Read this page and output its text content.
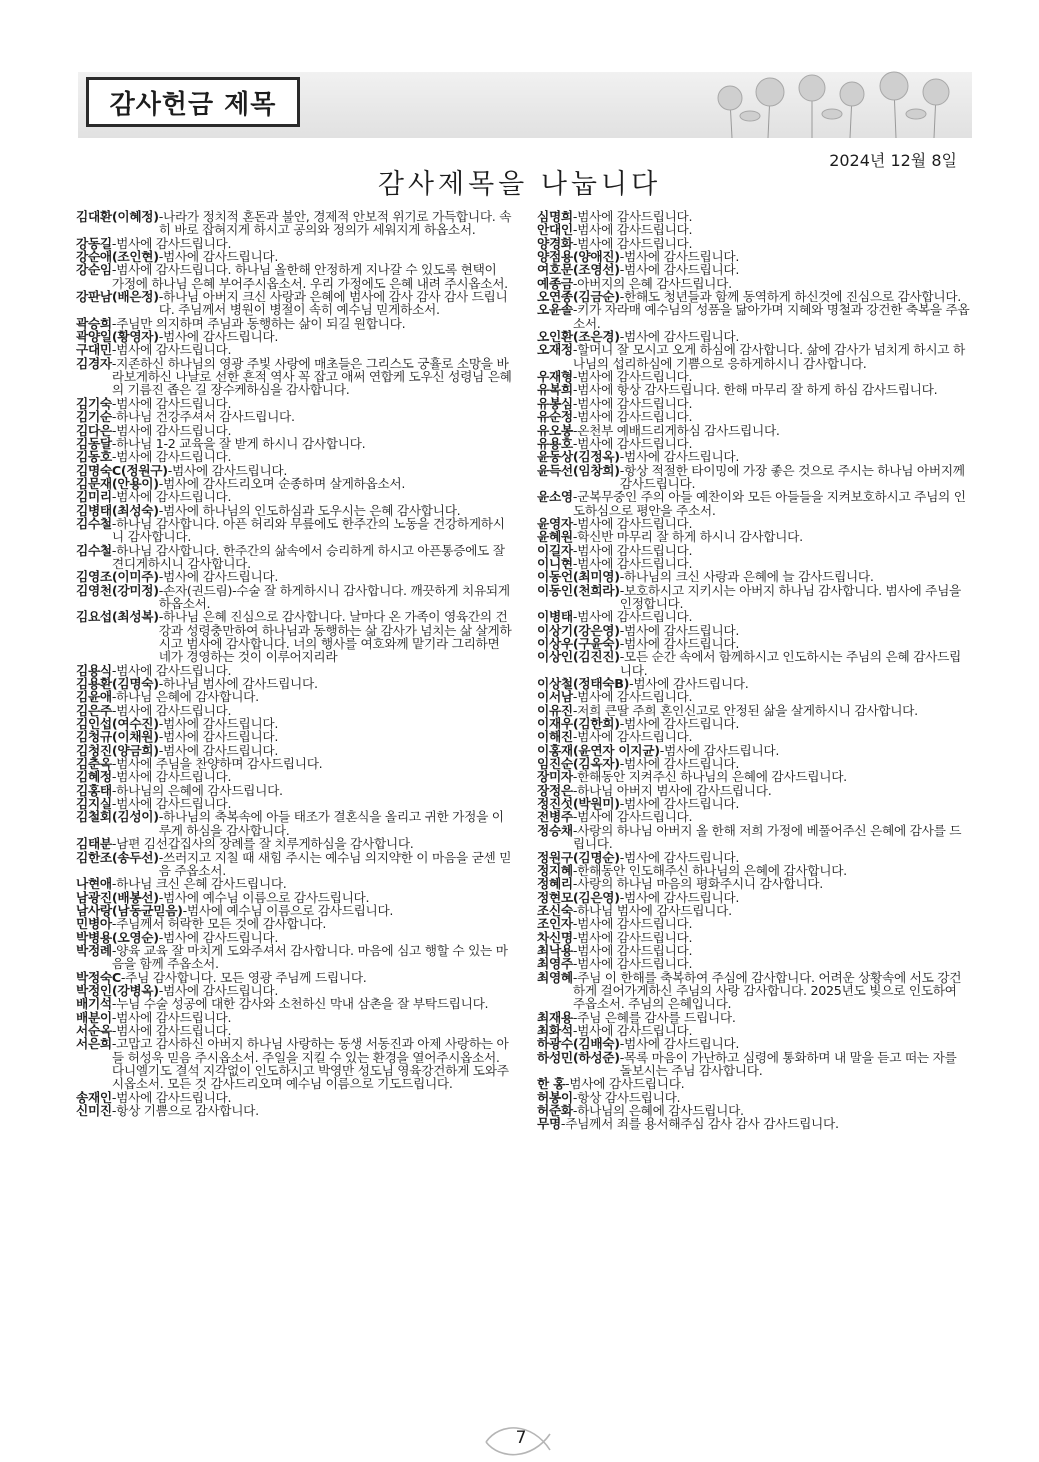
감사헌금 제목
2024년 12월 8일
감사제목을 나눕니다
김대환(이혜정) -나라가 정치적 혼돈과 불안, 경제적 안보적 위기로 가득합니다. 속히 바로 잡혀지게 하시고 공의와 정의가 세워지게 하옵소서.
강동길 -범사에 감사드립니다.
강순애(조인현) -범사에 감사드립니다.
강순임 -범사에 감사드립니다. 하나님 올한해 안정하게 지나갈 수 있도록 현택이 가정에 하나님 은혜 부어주시옵소서. 우리 가정에도 은혜 내려 주시옵소서.
강판남(배은정) -하나님 아버지 크신 사랑과 은혜에 범사에 감사 감사 감사 드립니다. 주님께서 병원이 병절이 속히 예수님 믿게하소서.
곽승희 -주님만 의지하며 주님과 동행하는 삶이 되길 원합니다.
곽양일(황영자) -범사에 감사드립니다.
구대민 -범사에 감사드립니다.
김경자 -지존하신 하나님의 영광 주빛 사랑에 매초들은 그리스도 궁휼로 소망을 바라보게하신 나날로 선한 흔적 역사 꼭 잡고 애써 연합케 도우신 성령님 은혜의 기름진 좁은 길 장수케하심을 감사합니다.
김기숙 -범사에 감사드립니다.
김기순 -하나님 건강주셔서 감사드립니다.
김다은 -범사에 감사드립니다.
김동달 -하나님 1-2 교육을 잘 받게 하시니 감사합니다.
김동호 -범사에 감사드립니다.
김명숙C(정원구) -범사에 감사드립니다.
김문재(안용이) -범사에 감사드리오며 순종하며 살게하옵소서.
김미리 -범사에 감사드립니다.
김병태(최성숙) -범사에 하나님의 인도하심과 도우시는 은혜 감사합니다.
김수철 -하나님 감사합니다. 아픈 허리와 무릎에도 한주간의 노동을 건강하게하시니 감사합니다.
김수철 -하나님 감사합니다. 한주간의 삶속에서 승리하게 하시고 아픈통증에도 잘 견디게하시니 감사합니다.
김영조(이미주) -범사에 감사드립니다.
김영천(강미정) -손자(권드림)-수술 잘 하게하시니 감사합니다. 깨끗하게 치유되게 하옵소서.
김요섭(최성복) -하나님 은혜 진심으로 감사합니다. 날마다 온 가족이 영육간의 건강과 성령충만하여 하나님과 동행하는 삶 감사가 넘치는 삶 살게하시고 범사에 감사합니다. 너의 행사를 여호와께 맡기라 그리하면 네가 경영하는 것이 이루어지리라
김용식 -범사에 감사드립니다.
김용환(김명숙) -하나님 범사에 감사드립니다.
김윤애 -하나님 은혜에 감사합니다.
김은주 -범사에 감사드립니다.
김인섭(여수진) -범사에 감사드립니다.
김청규(이채원) -범사에 감사드립니다.
김청진(양금희) -범사에 감사드립니다.
김춘옥 -범사에 주님을 찬양하며 감사드립니다.
김혜정 -범사에 감사드립니다.
김홍태 -하나님의 은혜에 감사드립니다.
김지실 -범사에 감사드립니다.
김철회(김성이) -하나님의 축복속에 아들 태조가 결혼식을 올리고 귀한 가정을 이루게 하심을 감사합니다.
김태분 -남편 김선갑집사의 장례를 잘 치루게하심을 감사합니다.
김한조(송두선) -쓰러지고 지칠 때 새힘 주시는 예수님 의지약한 이 마음을 굳센 믿음 주옵소서.
나현애 -하나님 크신 은혜 감사드립니다.
남광진(배봉선) -범사에 예수님 이름으로 감사드립니다.
남사랑(남동균믿음) -범사에 예수님 이름으로 감사드립니다.
민병아 -주님께서 허락한 모든 것에 감사합니다.
박병용(오영순) -범사에 감사드립니다.
박정례 -양육 교육 잘 마치게 도와주셔서 감사합니다. 마음에 심고 행할 수 있는 마음을 함께 주옵소서.
박정숙C -주님 감사합니다. 모든 영광 주님께 드립니다.
박정인(강병옥) -범사에 감사드립니다.
배기석 -누님 수술 성공에 대한 감사와 소천하신 막내 삼촌을 잘 부탁드립니다.
배분이 -범사에 감사드립니다.
서순옥 -범사에 감사드립니다.
서은희 -고맙고 감사하신 아버지 하나님 사랑하는 동생 서동진과 아제 사랑하는 아들 허성욱 믿음 주시옵소서. 주일을 지킬 수 있는 환경을 열어주시옵소서. 다니엘기도 결석 지각없이 인도하시고 박영만 성도님 영육강건하게 도와주시옵소서. 모든 것 감사드리오며 예수님 이름으로 기도드립니다.
송재인 -범사에 감사드립니다.
신미진 -항상 기쁨으로 감사합니다.
심명희 -범사에 감사드립니다.
안대인 -범사에 감사드립니다.
양경화 -범사에 감사드립니다.
양점용(양애진) -범사에 감사드립니다.
여호문(조영선) -범사에 감사드립니다.
예종금 -아버지의 은혜 감사드립니다.
오연종(김금순) -한해도 청년들과 함께 동역하게 하신것에 진심으로 감사합니다.
오윤솔 -키가 자라매 예수님의 성품을 닮아가며 지혜와 명철과 강건한 축복을 주옵소서.
오인환(조은경) -범사에 감사드립니다.
오재정 -할머니 잘 모시고 오게 하심에 감사합니다. 삶에 감사가 넘치게 하시고 하나님의 섭리하심에 기쁨으로 응하게하시니 감사합니다.
우재형 -범사에 감사드립니다.
유복희 -범사에 항상 감사드립니다. 한해 마무리 잘 하게 하심 감사드립니다.
유봉심 -범사에 감사드립니다.
유순정 -범사에 감사드립니다.
유오봉 -온천부 예배드리게하심 감사드립니다.
유용호 -범사에 감사드립니다.
윤동상(김정옥) -범사에 감사드립니다.
윤득선(임창희) -항상 적절한 타이밍에 가장 좋은 것으로 주시는 하나님 아버지께 감사드립니다.
윤소영 -군복무중인 주의 아들 예찬이와 모든 아들들을 지켜보호하시고 주님의 인도하심으로 평안을 주소서.
윤영자 -범사에 감사드립니다.
윤혜원 -학신반 마무리 잘 하게 하시니 감사합니다.
이길자 -범사에 감사드립니다.
이니현 -범사에 감사드립니다.
이동언(최미영) -하나님의 크신 사랑과 은혜에 늘 감사드립니다.
이동인(천희라) -보호하시고 지키시는 아버지 하나님 감사합니다. 범사에 주님을 인정합니다.
이병태 -범사에 감사드립니다.
이상기(강은영) -범사에 감사드립니다.
이상우(구윤숙) -범사에 감사드립니다.
이상인(김진진) -모든 순간 속에서 함께하시고 인도하시는 주님의 은혜 감사드립니다.
이상철(정태숙B) -범사에 감사드립니다.
이서남 -범사에 감사드립니다.
이유진 -저희 큰딸 주희 혼인신고로 안정된 삶을 살게하시니 감사합니다.
이재우(김한희) -범사에 감사드립니다.
이해진 -범사에 감사드립니다.
이홍재(윤연자 이지균) -범사에 감사드립니다.
임진순(김옥자) -범사에 감사드립니다.
장미자 -한해동안 지켜주신 하나님의 은혜에 감사드립니다.
장정은 -하나님 아버지 범사에 감사드립니다.
정진섯(박원미) -범사에 감사드립니다.
전병주 -범사에 감사드립니다.
정승채 -사랑의 하나님 아버지 올 한해 저희 가정에 베풀어주신 은혜에 감사를 드립니다.
정원구(김명순) -범사에 감사드립니다.
정지혜 -한해동안 인도해주신 하나님의 은혜에 감사합니다.
정혜리 -사랑의 하나님 마음의 평화주시니 감사합니다.
정현모(김은영) -범사에 감사드립니다.
조신숙 -하나님 범사에 감사드립니다.
조인자 -범사에 감사드립니다.
차신명 -범사에 감사드립니다.
최낙용 -범사에 감사드립니다.
최영주 -범사에 감사드립니다.
최영혜 -주님 이 한해를 축복하여 주심에 감사합니다. 어려운 상황속에 서도 강건하게 걸어가게하신 주님의 사랑 감사합니다. 2025년도 빛으로 인도하여 주옵소서. 주님의 은혜입니다.
최재용 -주님 은혜를 감사를 드립니다.
최화석 -범사에 감사드립니다.
하광수(김배숙) -범사에 감사드립니다.
하성민(하성준) -목록 마음이 가난하고 심령에 통화하며 내 말을 듣고 떠는 자를 돌보시는 주님 감사합니다.
한 홍 -범사에 감사드립니다.
허봉이 -항상 감사드립니다.
허준화 -하나님의 은혜에 감사드립니다.
무명 -주님께서 죄를 용서해주심 감사 감사 감사드립니다.
7
